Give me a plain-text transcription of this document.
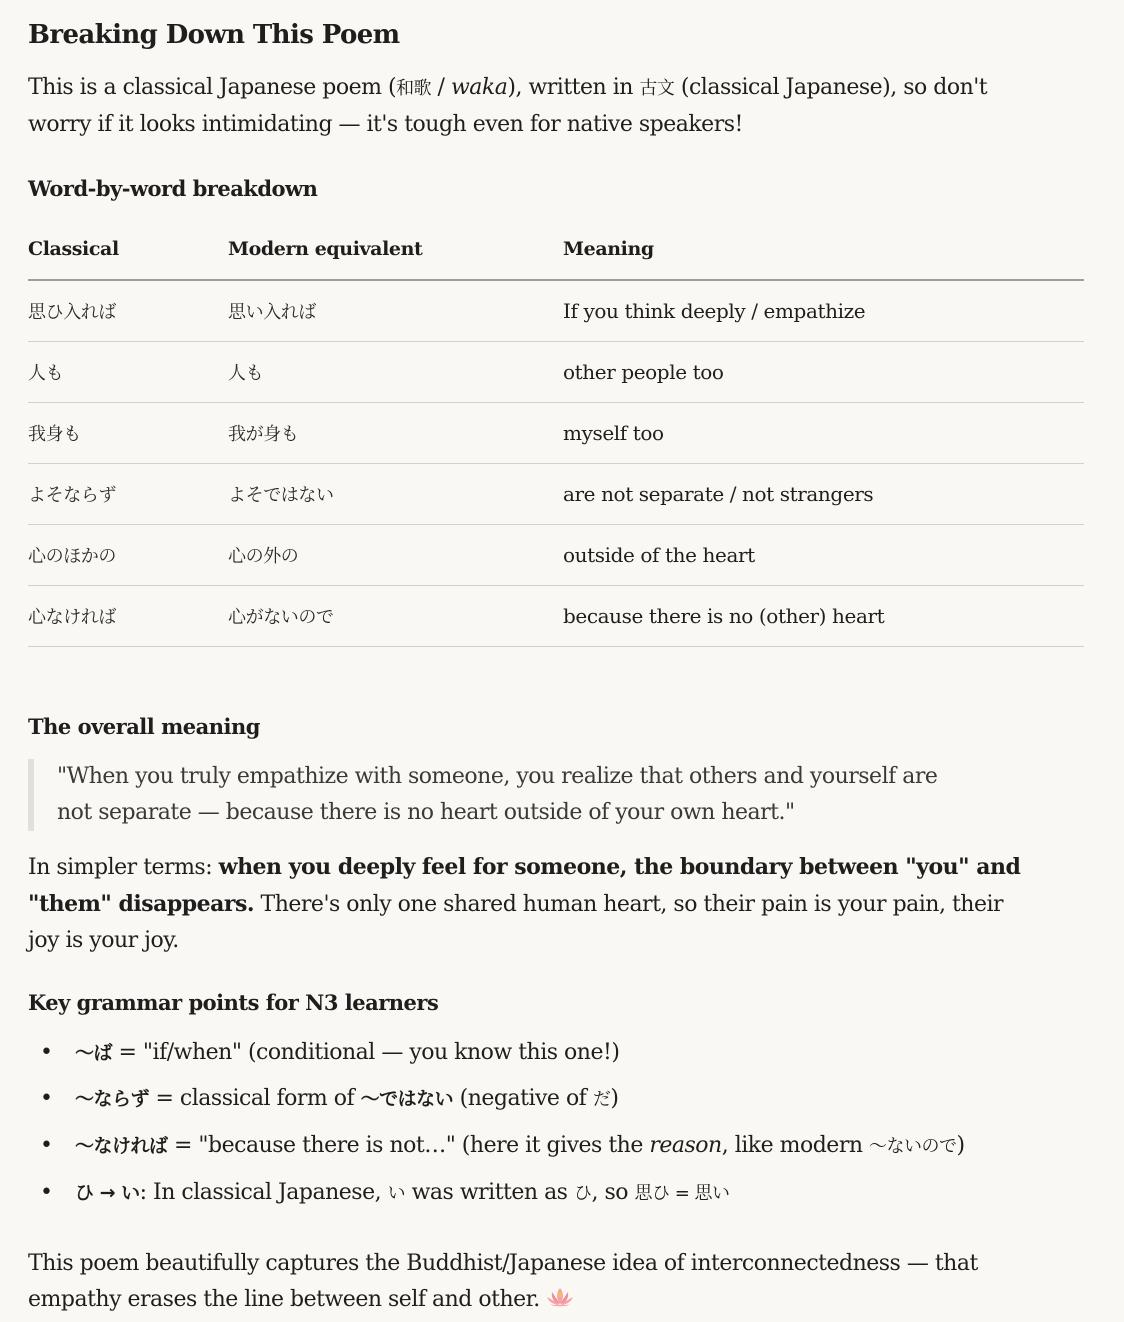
Breaking Down This Poem
This is a classical Japanese poem (和歌 / waka), written in 古文 (classical Japanese), so don't
worry if it looks intimidating — it's tough even for native speakers!
Word-by-word breakdown
Classical	Modern equivalent	Meaning
思ひ入れば	思い入れば	If you think deeply / empathize
人も	人も	other people too
我身も	我が身も	myself too
よそならず	よそではない	are not separate / not strangers
心のほかの	心の外の	outside of the heart
心なければ	心がないので	because there is no (other) heart
The overall meaning
"When you truly empathize with someone, you realize that others and yourself are
not separate — because there is no heart outside of your own heart."
In simpler terms: when you deeply feel for someone, the boundary between "you" and
"them" disappears. There's only one shared human heart, so their pain is your pain, their
joy is your joy.
Key grammar points for N3 learners
• 〜ば = "if/when" (conditional — you know this one!)
• 〜ならず = classical form of 〜ではない (negative of だ)
• 〜なければ = "because there is not…" (here it gives the reason, like modern 〜ないので)
• ひ → い: In classical Japanese, い was written as ひ, so 思ひ = 思い
This poem beautifully captures the Buddhist/Japanese idea of interconnectedness — that
empathy erases the line between self and other.
